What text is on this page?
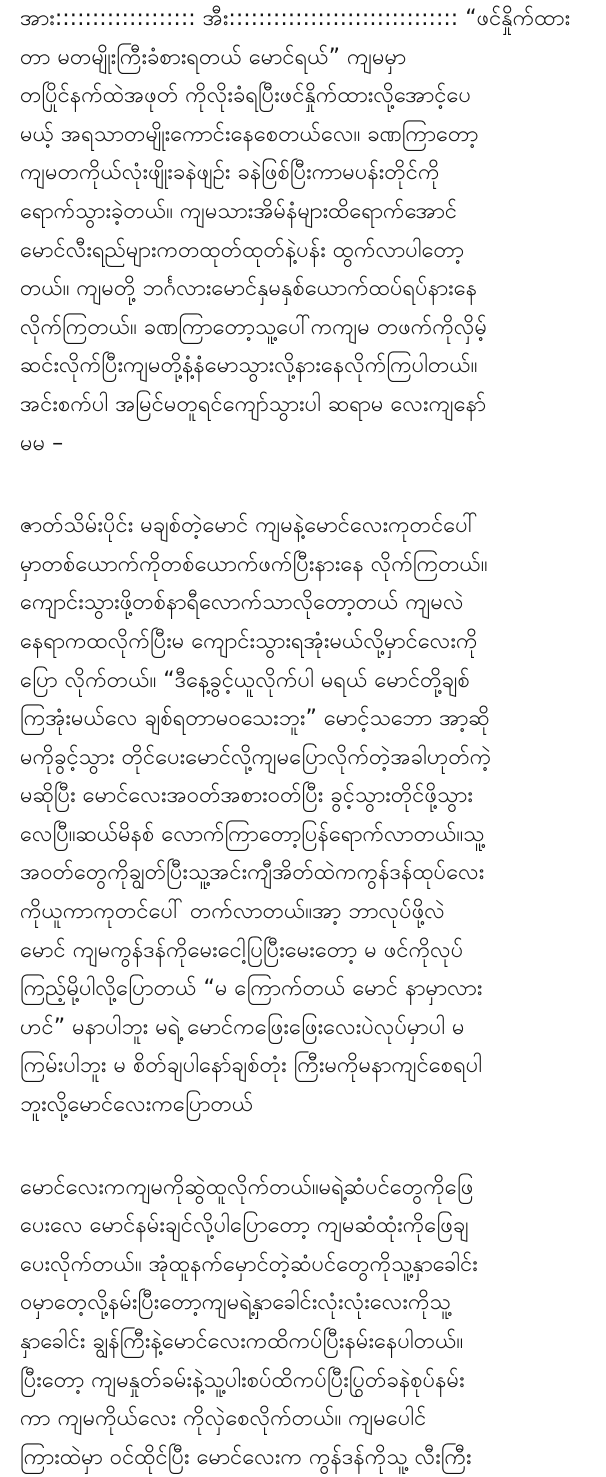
အား::::::::::::::::::: အီး::::::::::::::::::::::::::::::: “ဖင်နှိုက်ထား
တာ မတမျိုးကြီးခံစားရတယ် မောင်ရယ်” ကျမမှာ
တပြိုင်နက်ထဲအဖုတ် ကိုလိုးခံရပြီးဖင်နှိုက်ထားလို့အောင့်ပေ
မယ့် အရသာတမျိုးကောင်းနေစေတယ်လေ။ ခဏကြာတော့
ကျမတကိုယ်လုံးဖျိုးခနဲဖျဥ်း ခနဲဖြစ်ပြီးကာမပန်းတိုင်ကို
ရောက်သွားခဲ့တယ်။ ကျမသားအိမ်နံများထိရောက်အောင်
မောင်လီးရည်များကတထုတ်ထုတ်နဲ့ပန်း ထွက်လာပါတော့
တယ်။ ကျမတို့ ဘင်္ဂလားမောင်နှမနှစ်ယောက်ထပ်ရပ်နားနေ
လိုက်ကြတယ်။ ခဏကြာတော့သူ့ပေါ်ကကျမ တဖက်ကိုလှိမ့်
ဆင်းလိုက်ပြီးကျမတို့နံ့နံမောသွားလို့နားနေလိုက်ကြပါတယ်။
အင်းစက်ပါ အမြင်မတူရင်ကျော်သွားပါ ဆရာမ လေးကျနော်
မမ –
ဇာတ်သိမ်းပိုင်း မချစ်တဲ့မောင် ကျမနဲ့မောင်လေးကုတင်ပေါ်
မှာတစ်ယောက်ကိုတစ်ယောက်ဖက်ပြီးနားနေ လိုက်ကြတယ်။
ကျောင်းသွားဖို့တစ်နာရီလောက်သာလိုတော့တယ် ကျမလဲ
နေရာကထလိုက်ပြီးမ ကျောင်းသွားရအုံးမယ်လို့မှာင်လေးကို
ပြော လိုက်တယ်။ “ဒီနေ့ခွင့်ယူလိုက်ပါ မရယ် မောင်တို့ချစ်
ကြအုံးမယ်လေ ချစ်ရတာမဝသေးဘူး” မောင့်သဘော အာ့ဆို
မကိုခွင့်သွား တိုင်ပေးမောင်လို့ကျမပြောလိုက်တဲ့အခါဟုတ်ကဲ့
မဆိုပြီး မောင်လေးအဝတ်အစားဝတ်ပြီး ခွင့်သွားတိုင်ဖို့သွား
လေပြီ။ဆယ်မိနစ် လောက်ကြာတော့ပြန်ရောက်လာတယ်။သူ့
အဝတ်တွေကိုချွတ်ပြီးသူ့အင်းကျီအိတ်ထဲကကွန်ဒန်ထုပ်လေး
ကိုယူကာကုတင်ပေါ် တက်လာတယ်။အာ့ ဘာလုပ်ဖို့လဲ
မောင် ကျမကွန်ဒန်ကိုမေးငေါ့ပြပြီးမေးတော့ မ ဖင်ကိုလုပ်
ကြည့်မို့ပါလို့ပြောတယ် “မ ကြောက်တယ် မောင် နာမှာလား
ဟင်” မနာပါဘူး မရဲ့ မောင်ကဖြေးဖြေးလေးပဲလုပ်မှာပါ မ
ကြမ်းပါဘူး မ စိတ်ချပါနော်ချစ်တုံး ကြီးမကိုမနာကျင်စေရပါ
ဘူးလို့မောင်လေးကပြောတယ်
မောင်လေးကကျမကိုဆွဲထူလိုက်တယ်။မရဲ့ဆံပင်တွေကိုဖြေ
ပေးလေ မောင်နမ်းချင်လို့ပါပြောတော့ ကျမဆံထုံးကိုဖြေချ
ပေးလိုက်တယ်။ အုံထူနက်မှောင်တဲ့ဆံပင်တွေကိုသူ့နှာခေါင်း
ဝမှာတေ့လို့နမ်းပြီးတော့ကျမရဲ့နှာခေါင်းလုံးလုံးလေးကိုသူ့
နှာခေါင်း ချွန်ကြီးနဲ့မောင်လေးကထိကပ်ပြီးနမ်းနေပါတယ်။
ပြီးတော့ ကျမနှုတ်ခမ်းနဲ့သူ့ပါးစပ်ထိကပ်ပြီးပြွတ်ခနဲစုပ်နမ်း
ကာ ကျမကိုယ်လေး ကိုလှဲစေလိုက်တယ်။ ကျမပေါင်
ကြားထဲမှာ ဝင်ထိုင်ပြီး မောင်လေးက ကွန်ဒန်ကိုသူ့ လီးကြီး
